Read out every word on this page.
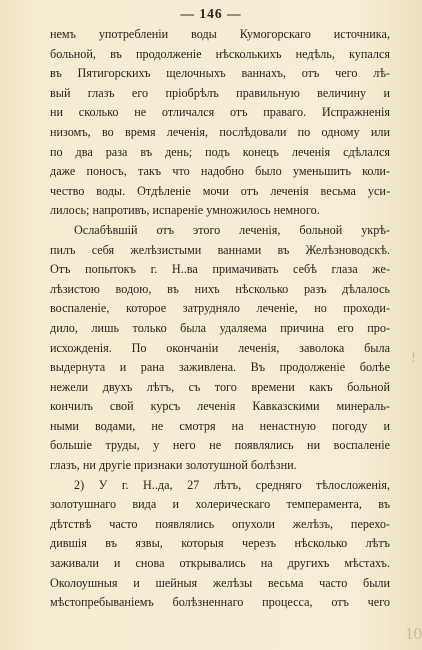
— 146 —
немъ употребленіи воды Кумогорскаго источника,
больной, въ продолженіе нѣсколькихъ недѣль, купался
въ Пятигорскихъ щелочныхъ ваннахъ, отъ чего лѣ-
вый глазъ его пріобрѣлъ правильную величину и
ни сколько не отличался отъ праваго. Испражненія
низомъ, во время леченія, послѣдовали по одному или
по два раза въ день; подъ конецъ леченія сдѣлался
даже поносъ, такъ что надобно было уменьшить коли-
чество воды. Отдѣленіе мочи отъ леченія весьма уси-
лилось; напротивъ, испареніе умножилось немного.
Ослабѣвшій отъ этого леченія, больной укрѣ-
пилъ себя желѣзистыми ваннами въ Желѣзноводскѣ.
Отъ попытокъ г. Н..ва примачивать себѣ глаза же-
лѣзистою водою, въ нихъ нѣсколько разъ дѣлалось
воспаленіе, которое затрудняло леченіе, но проходи-
дило, лишь только была удаляема причина его про-
исхожденія. По окончаніи леченія, заволока была
выдернута и рана заживлена. Въ продолженіе болѣе
нежели двухъ лѣтъ, съ того времени какъ больной
кончилъ свой курсъ леченія Кавказскими минераль-
ными водами, не смотря на ненастную погоду и
большіе труды, у него не появлялись ни воспаленіе
глазъ, ни другіе признаки золотушной болѣзни.
2) У г. Н..да, 27 лѣтъ, средняго тѣлосложенія,
золотушнаго вида и холерическаго темперамента, въ
дѣтствѣ часто появлялись опухоли желѣзъ, перехо-
дившія въ язвы, которыя черезъ нѣсколько лѣтъ
заживали и снова открывались на другихъ мѣстахъ.
Околоушныя и шейныя желѣзы весьма часто были
мѣстопребываніемъ болѣзненнаго процесса, отъ чего
!
10
